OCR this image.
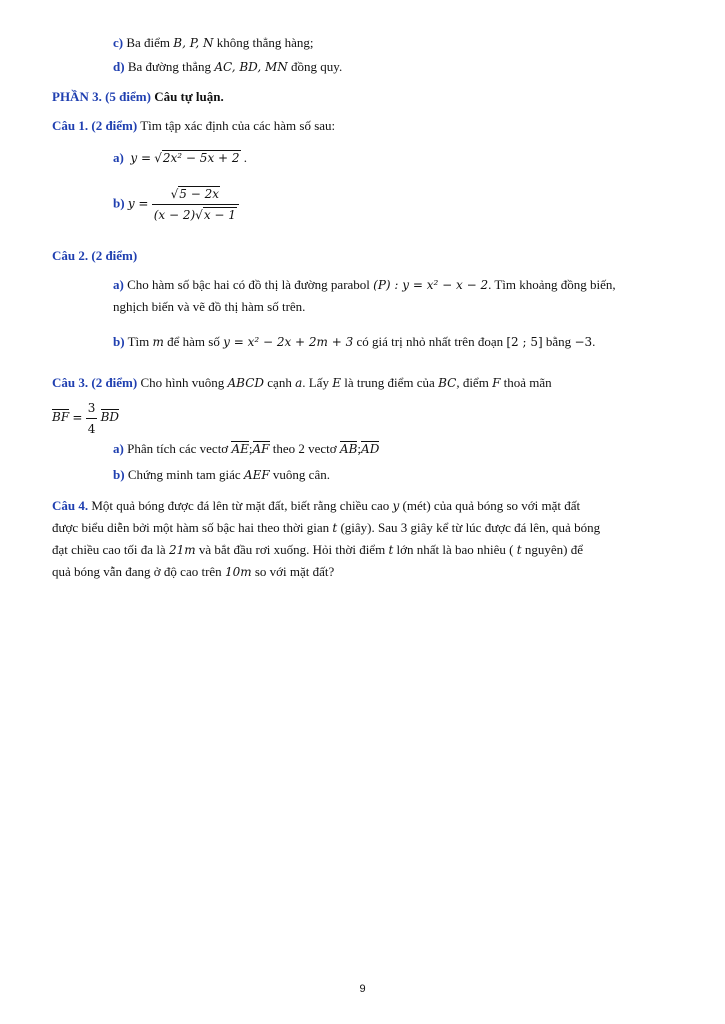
c) Ba điểm B, P, N không thẳng hàng;
d) Ba đường thẳng AC, BD, MN đồng quy.
PHẦN 3. (5 điểm) Câu tự luận.
Câu 1. (2 điểm) Tìm tập xác định của các hàm số sau:
a) y = √2x² − 5x + 2 .
b) $y = \frac{√5 - 2x}{(x - 2)√x - 1}$
Câu 2. (2 điểm)
a) Cho hàm số bậc hai có đồ thị là đường parabol (P) : y = x² − x − 2. Tìm khoảng đồng biến,
nghịch biến và vẽ đồ thị hàm số trên.
b) Tìm m để hàm số y = x² − 2x + 2m + 3 có giá trị nhỏ nhất trên đoạn [2 ; 5] bằng −3.
Câu 3. (2 điểm) Cho hình vuông ABCD cạnh a. Lấy E là trung điểm của BC, điểm F thoả mãn
BF = $\frac{3}{4}$ BD
a) Phân tích các vectơ AE;AF theo 2 vectơ AB;AD
b) Chứng minh tam giác AEF vuông cân.
Câu 4. Một quả bóng được đá lên từ mặt đất, biết rằng chiều cao y (mét) của quả bóng so với mặt đất
được biểu diễn bởi một hàm số bậc hai theo thời gian t (giây). Sau 3 giây kể từ lúc được đá lên, quả bóng
đạt chiều cao tối đa là 21m và bắt đầu rơi xuống. Hỏi thời điểm t lớn nhất là bao nhiêu ( t nguyên) để
quả bóng vẫn đang ở độ cao trên 10m so với mặt đất?
9
